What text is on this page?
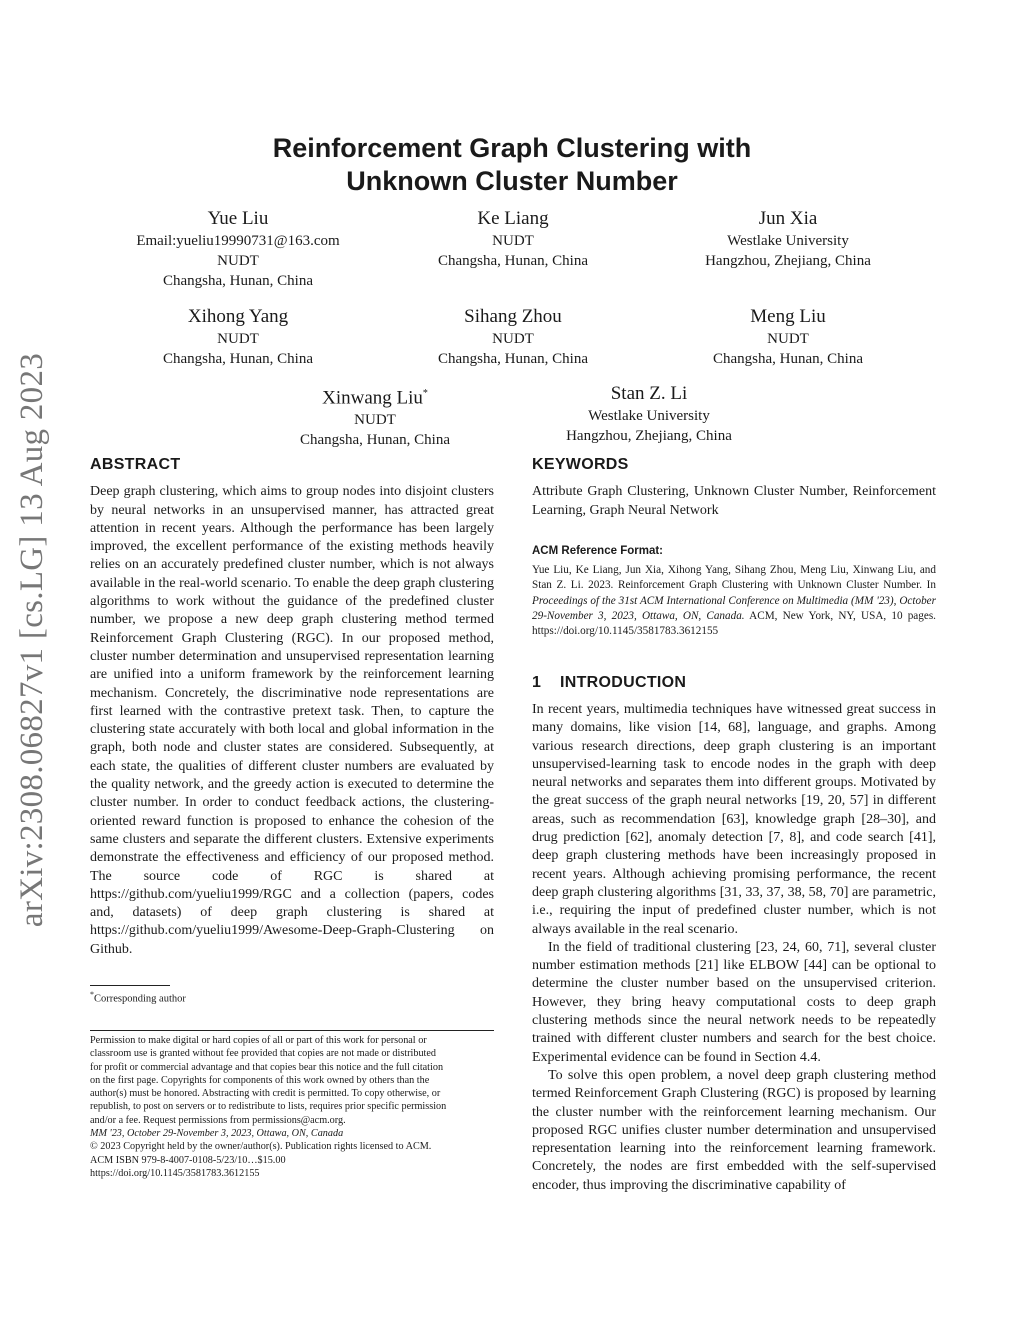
arXiv:2308.06827v1 [cs.LG] 13 Aug 2023
Reinforcement Graph Clustering with
Unknown Cluster Number
Yue Liu
Email:yueliu19990731@163.com
NUDT
Changsha, Hunan, China
Ke Liang
NUDT
Changsha, Hunan, China
Jun Xia
Westlake University
Hangzhou, Zhejiang, China
Xihong Yang
NUDT
Changsha, Hunan, China
Sihang Zhou
NUDT
Changsha, Hunan, China
Meng Liu
NUDT
Changsha, Hunan, China
Xinwang Liu*
NUDT
Changsha, Hunan, China
Stan Z. Li
Westlake University
Hangzhou, Zhejiang, China
ABSTRACT

Deep graph clustering, which aims to group nodes into disjoint clusters by neural networks in an unsupervised manner, has attracted great attention in recent years. Although the performance has been largely improved, the excellent performance of the existing methods heavily relies on an accurately predefined cluster number, which is not always available in the real-world scenario. To enable the deep graph clustering algorithms to work without the guidance of the predefined cluster number, we propose a new deep graph clustering method termed Reinforcement Graph Clustering (RGC). In our proposed method, cluster number determination and unsupervised representation learning are unified into a uniform framework by the reinforcement learning mechanism. Concretely, the discriminative node representations are first learned with the contrastive pretext task. Then, to capture the clustering state accurately with both local and global information in the graph, both node and cluster states are considered. Subsequently, at each state, the qualities of different cluster numbers are evaluated by the quality network, and the greedy action is executed to determine the cluster number. In order to conduct feedback actions, the clustering-oriented reward function is proposed to enhance the cohesion of the same clusters and separate the different clusters. Extensive experiments demonstrate the effectiveness and efficiency of our proposed method. The source code of RGC is shared at https://github.com/yueliu1999/RGC and a collection (papers, codes and, datasets) of deep graph clustering is shared at https://github.com/yueliu1999/Awesome-Deep-Graph-Clustering on Github.

*Corresponding author
Permission to make digital or hard copies of all or part of this work for personal or
classroom use is granted without fee provided that copies are not made or distributed
for profit or commercial advantage and that copies bear this notice and the full citation
on the first page. Copyrights for components of this work owned by others than the
author(s) must be honored. Abstracting with credit is permitted. To copy otherwise, or
republish, to post on servers or to redistribute to lists, requires prior specific permission
and/or a fee. Request permissions from permissions@acm.org.
MM '23, October 29-November 3, 2023, Ottawa, ON, Canada
© 2023 Copyright held by the owner/author(s). Publication rights licensed to ACM.
ACM ISBN 979-8-4007-0108-5/23/10…$15.00
https://doi.org/10.1145/3581783.3612155
KEYWORDS

Attribute Graph Clustering, Unknown Cluster Number, Reinforcement Learning, Graph Neural Network

ACM Reference Format:

Yue Liu, Ke Liang, Jun Xia, Xihong Yang, Sihang Zhou, Meng Liu, Xinwang Liu, and Stan Z. Li. 2023. Reinforcement Graph Clustering with Unknown Cluster Number. In Proceedings of the 31st ACM International Conference on Multimedia (MM '23), October 29-November 3, 2023, Ottawa, ON, Canada. ACM, New York, NY, USA, 10 pages. https://doi.org/10.1145/3581783.3612155

1 INTRODUCTION

In recent years, multimedia techniques have witnessed great success in many domains, like vision [14, 68], language, and graphs. Among various research directions, deep graph clustering is an important unsupervised-learning task to encode nodes in the graph with deep neural networks and separates them into different groups. Motivated by the great success of the graph neural networks [19, 20, 57] in different areas, such as recommendation [63], knowledge graph [28–30], and drug prediction [62], anomaly detection [7, 8], and code search [41], deep graph clustering methods have been increasingly proposed in recent years. Although achieving promising performance, the recent deep graph clustering algorithms [31, 33, 37, 38, 58, 70] are parametric, i.e., requiring the input of predefined cluster number, which is not always available in the real scenario.

In the field of traditional clustering [23, 24, 60, 71], several cluster number estimation methods [21] like ELBOW [44] can be optional to determine the cluster number based on the unsupervised criterion. However, they bring heavy computational costs to deep graph clustering methods since the neural network needs to be repeatedly trained with different cluster numbers and search for the best choice. Experimental evidence can be found in Section 4.4.

To solve this open problem, a novel deep graph clustering method termed Reinforcement Graph Clustering (RGC) is proposed by learning the cluster number with the reinforcement learning mechanism. Our proposed RGC unifies cluster number determination and unsupervised representation learning into the reinforcement learning framework. Concretely, the nodes are first embedded with the self-supervised encoder, thus improving the discriminative capability of
